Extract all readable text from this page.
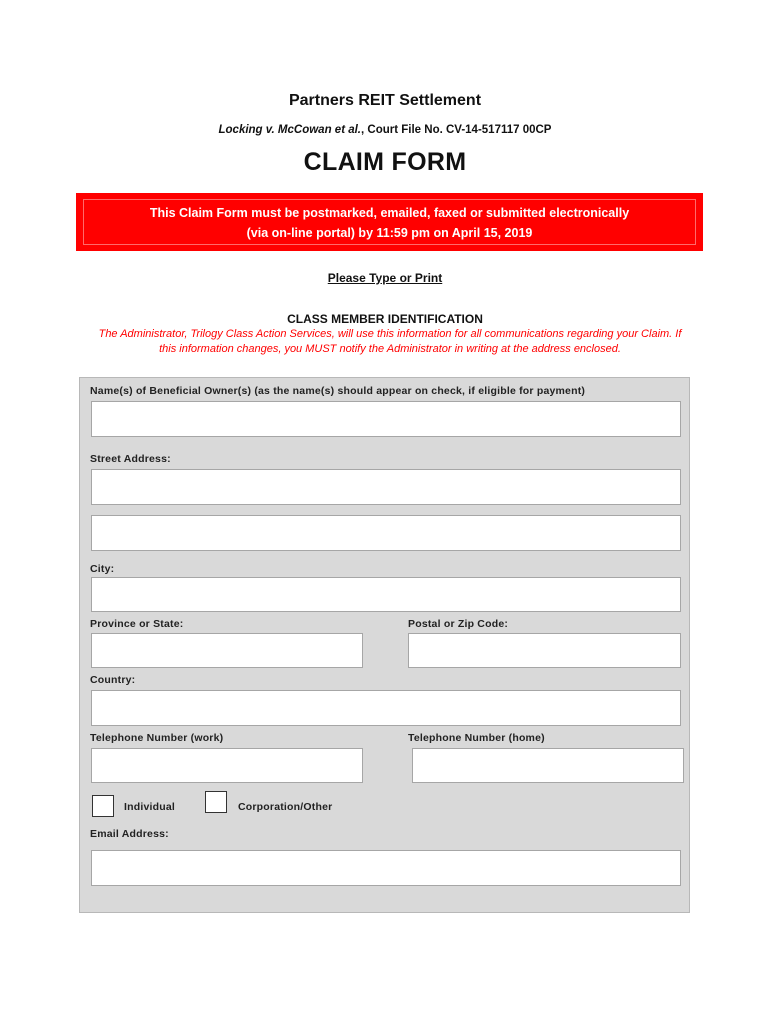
Partners REIT Settlement
Locking v. McCowan et al., Court File No. CV-14-517117 00CP
CLAIM FORM
This Claim Form must be postmarked, emailed, faxed or submitted electronically
(via on-line portal) by 11:59 pm on April 15, 2019
Please Type or Print
CLASS MEMBER IDENTIFICATION
The Administrator, Trilogy Class Action Services, will use this information for all communications regarding your Claim. If this information changes, you MUST notify the Administrator in writing at the address enclosed.
Name(s) of Beneficial Owner(s) (as the name(s) should appear on check, if eligible for payment)
Street Address:
City:
Province or State:	Postal or Zip Code:
Country:
Telephone Number (work)	Telephone Number (home)
Individual	Corporation/Other
Email Address:
